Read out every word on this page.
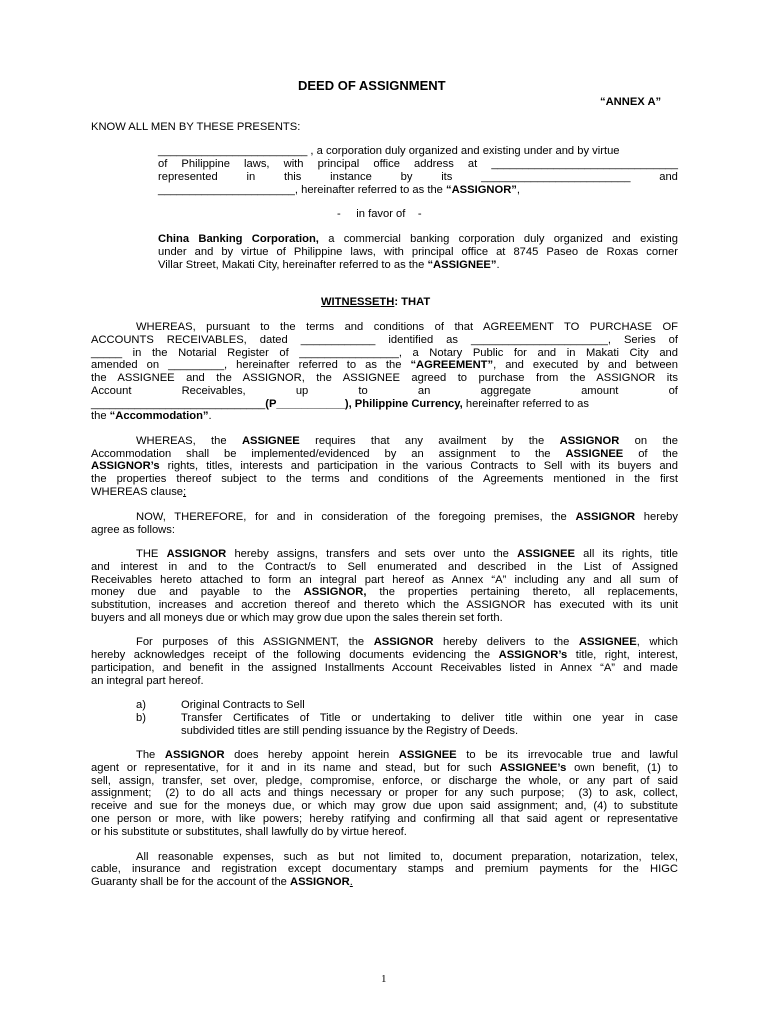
DEED OF ASSIGNMENT
“ANNEX A”
KNOW ALL MEN BY THESE PRESENTS:
________________________ , a corporation duly organized and existing under and by virtue
of Philippine laws, with principal office address at ______________________________
represented	in	this	instance	by	its	________________________	and
______________________, hereinafter referred to as the “ASSIGNOR”,
-     in favor of    -
China Banking Corporation, a commercial banking corporation duly organized and existing
under and by virtue of Philippine laws, with principal office at 8745 Paseo de Roxas corner
Villar Street, Makati City, hereinafter referred to as the “ASSIGNEE”.
WITNESSETH: THAT
WHEREAS, pursuant to the terms and conditions of that AGREEMENT TO PURCHASE OF
ACCOUNTS RECEIVABLES, dated ____________ identified as ______________________, Series of
_____ in the Notarial Register of ________________, a Notary Public for and in Makati City and
amended on _________, hereinafter referred to as the “AGREEMENT”, and executed by and between
the ASSIGNEE and the ASSIGNOR, the ASSIGNEE agreed to purchase from the ASSIGNOR its
Account	Receivables,	up	to	an	aggregate	amount	of
____________________________(P___________), Philippine Currency, hereinafter referred to as
the “Accommodation”.
WHEREAS, the ASSIGNEE requires that any availment by the ASSIGNOR on the
Accommodation shall be implemented/evidenced by an assignment to the ASSIGNEE of the
ASSIGNOR’s rights, titles, interests and participation in the various Contracts to Sell with its buyers and
the properties thereof subject to the terms and conditions of the Agreements mentioned in the first
WHEREAS clause;
NOW, THEREFORE, for and in consideration of the foregoing premises, the ASSIGNOR hereby
agree as follows:
THE ASSIGNOR hereby assigns, transfers and sets over unto the ASSIGNEE all its rights, title
and interest in and to the Contract/s to Sell enumerated and described in the List of Assigned
Receivables hereto attached to form an integral part hereof as Annex “A” including any and all sum of
money due and payable to the ASSIGNOR, the properties pertaining thereto, all replacements,
substitution, increases and accretion thereof and thereto which the ASSIGNOR has executed with its unit
buyers and all moneys due or which may grow due upon the sales therein set forth.
For purposes of this ASSIGNMENT, the ASSIGNOR hereby delivers to the ASSIGNEE, which
hereby acknowledges receipt of the following documents evidencing the ASSIGNOR’s title, right, interest,
participation, and benefit in the assigned Installments Account Receivables listed in Annex “A” and made
an integral part hereof.
a)	Original Contracts to Sell
b)	Transfer Certificates of Title or undertaking to deliver title within one year in case
subdivided titles are still pending issuance by the Registry of Deeds.
The ASSIGNOR does hereby appoint herein ASSIGNEE to be its irrevocable true and lawful
agent or representative, for it and in its name and stead, but for such ASSIGNEE’s own benefit, (1) to
sell, assign, transfer, set over, pledge, compromise, enforce, or discharge the whole, or any part of said
assignment;  (2) to do all acts and things necessary or proper for any such purpose;  (3) to ask, collect,
receive and sue for the moneys due, or which may grow due upon said assignment; and, (4) to substitute
one person or more, with like powers; hereby ratifying and confirming all that said agent or representative
or his substitute or substitutes, shall lawfully do by virtue hereof.
All reasonable expenses, such as but not limited to, document preparation, notarization, telex,
cable, insurance and registration except documentary stamps and premium payments for the HIGC
Guaranty shall be for the account of the ASSIGNOR.
1
